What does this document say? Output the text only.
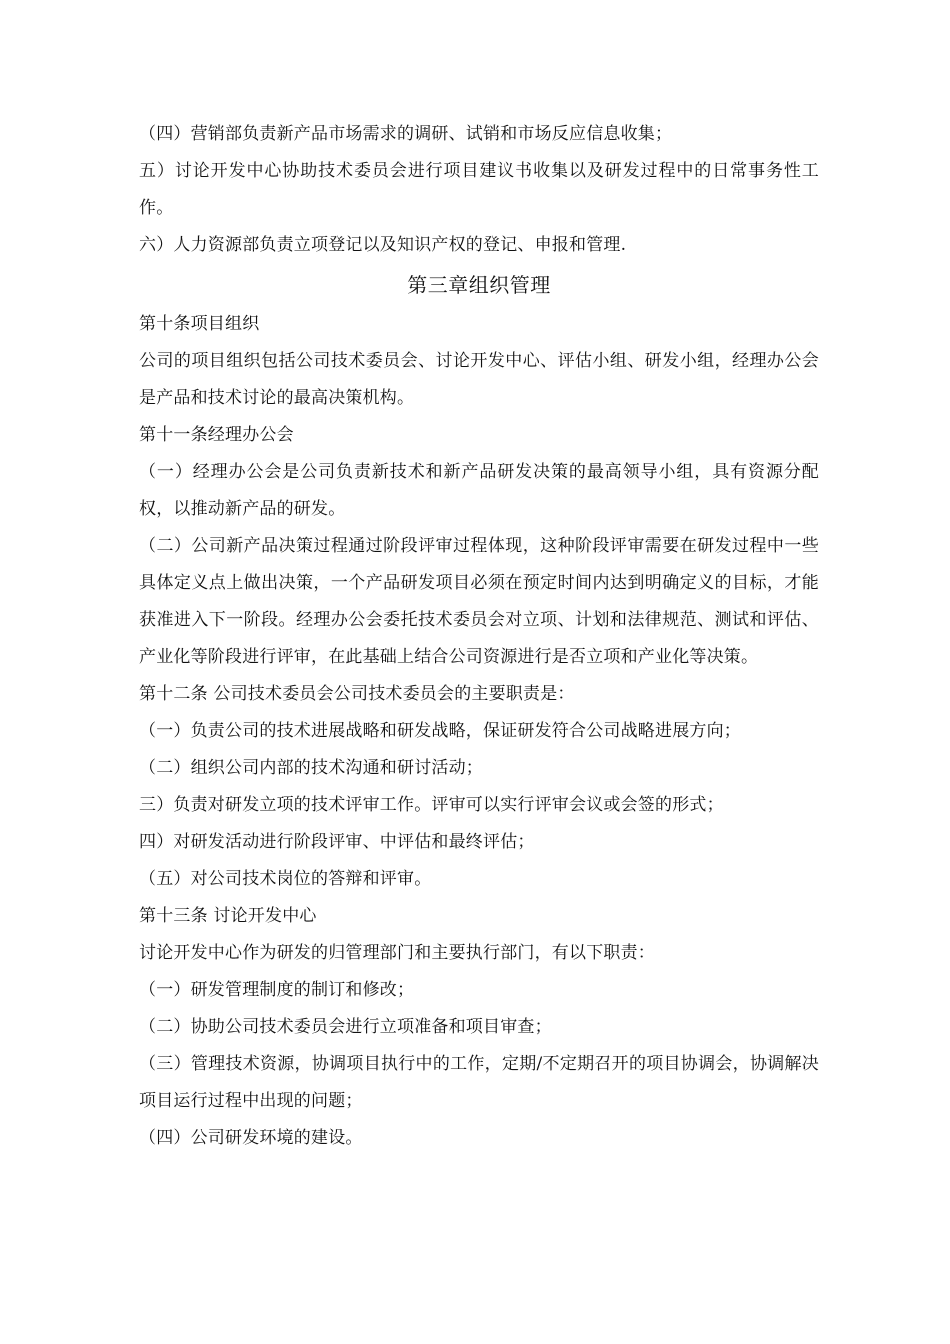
（四）营销部负责新产品市场需求的调研、试销和市场反应信息收集；

五）讨论开发中心协助技术委员会进行项目建议书收集以及研发过程中的日常事务性工作。

六）人力资源部负责立项登记以及知识产权的登记、申报和管理.

第三章组织管理

第十条项目组织

公司的项目组织包括公司技术委员会、讨论开发中心、评估小组、研发小组，经理办公会是产品和技术讨论的最高决策机构。

第十一条经理办公会

（一）经理办公会是公司负责新技术和新产品研发决策的最高领导小组，具有资源分配权，以推动新产品的研发。

（二）公司新产品决策过程通过阶段评审过程体现，这种阶段评审需要在研发过程中一些具体定义点上做出决策，一个产品研发项目必须在预定时间内达到明确定义的目标，才能获准进入下一阶段。经理办公会委托技术委员会对立项、计划和法律规范、测试和评估、产业化等阶段进行评审，在此基础上结合公司资源进行是否立项和产业化等决策。

第十二条 公司技术委员会公司技术委员会的主要职责是：

（一）负责公司的技术进展战略和研发战略，保证研发符合公司战略进展方向；

（二）组织公司内部的技术沟通和研讨活动；

三）负责对研发立项的技术评审工作。评审可以实行评审会议或会签的形式；

四）对研发活动进行阶段评审、中评估和最终评估；

（五）对公司技术岗位的答辩和评审。

第十三条 讨论开发中心

讨论开发中心作为研发的归管理部门和主要执行部门，有以下职责：

（一）研发管理制度的制订和修改；

（二）协助公司技术委员会进行立项准备和项目审查；

（三）管理技术资源，协调项目执行中的工作，定期/不定期召开的项目协调会，协调解决项目运行过程中出现的问题；

（四）公司研发环境的建设。
